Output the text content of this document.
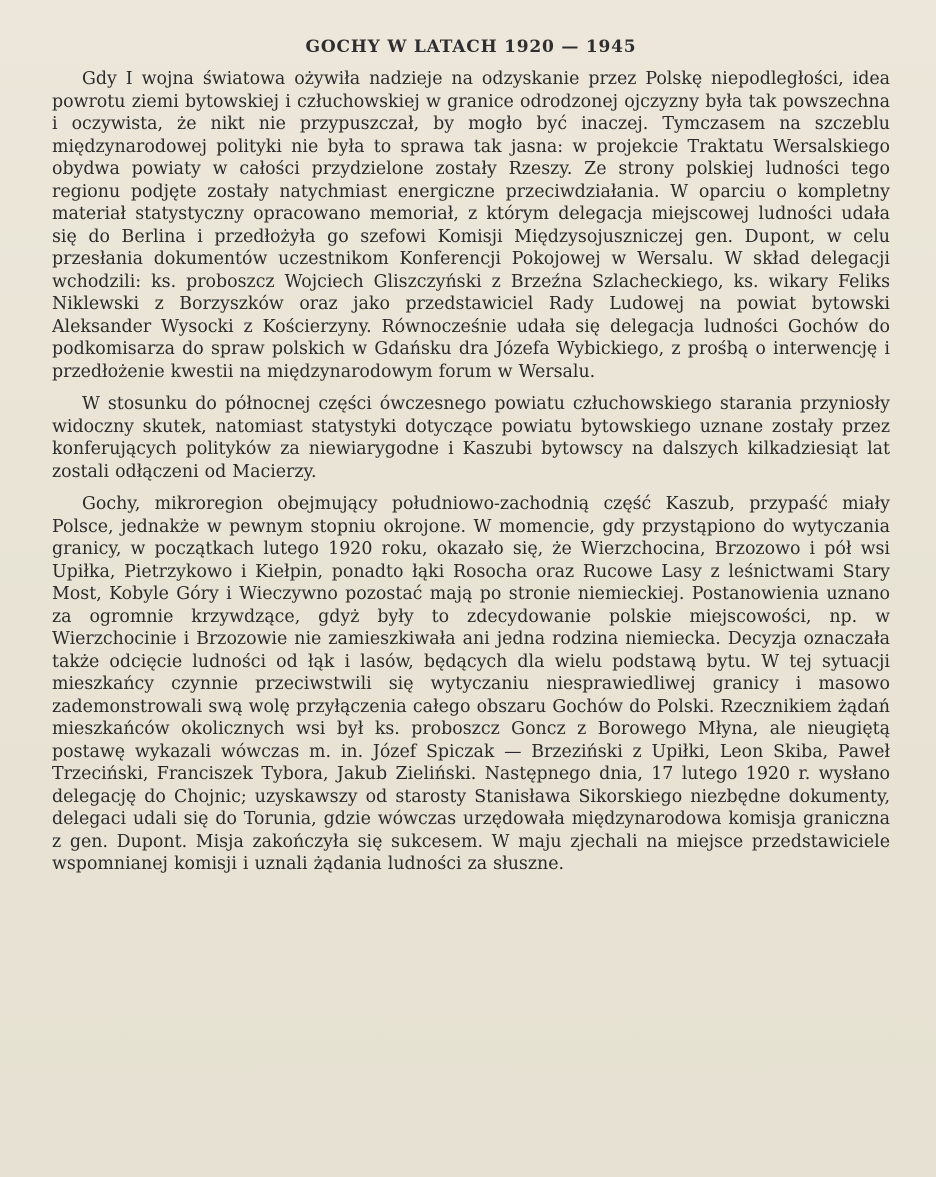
GOCHY W LATACH 1920 — 1945

Gdy I wojna światowa ożywiła nadzieje na odzyskanie przez Polskę niepodległości, idea powrotu ziemi bytowskiej i człuchowskiej w granice odrodzonej ojczyzny była tak powszechna i oczywista, że nikt nie przypuszczał, by mogło być inaczej. Tymczasem na szczeblu międzynarodowej polityki nie była to sprawa tak jasna: w projekcie Traktatu Wersalskiego obydwa powiaty w całości przydzielone zostały Rzeszy. Ze strony polskiej ludności tego regionu podjęte zostały natychmiast energiczne przeciwdziałania. W oparciu o kompletny materiał statystyczny opracowano memoriał, z którym delegacja miejscowej ludności udała się do Berlina i przedłożyła go szefowi Komisji Międzysojuszniczej gen. Dupont, w celu przesłania dokumentów uczestnikom Konferencji Pokojowej w Wersalu. W skład delegacji wchodzili: ks. proboszcz Wojciech Gliszczyński z Brzeźna Szlacheckiego, ks. wikary Feliks Niklewski z Borzyszków oraz jako przedstawiciel Rady Ludowej na powiat bytowski Aleksander Wysocki z Kościerzyny. Równocześnie udała się delegacja ludności Gochów do podkomisarza do spraw polskich w Gdańsku dra Józefa Wybickiego, z prośbą o interwencję i przedłożenie kwestii na międzynarodowym forum w Wersalu.

W stosunku do północnej części ówczesnego powiatu człuchowskiego starania przyniosły widoczny skutek, natomiast statystyki dotyczące powiatu bytowskiego uznane zostały przez konferujących polityków za niewiarygodne i Kaszubi bytowscy na dalszych kilkadziesiąt lat zostali odłączeni od Macierzy.

Gochy, mikroregion obejmujący południowo-zachodnią część Kaszub, przypaść miały Polsce, jednakże w pewnym stopniu okrojone. W momencie, gdy przystąpiono do wytyczania granicy, w początkach lutego 1920 roku, okazało się, że Wierzchocina, Brzozowo i pół wsi Upiłka, Pietrzykowo i Kiełpin, ponadto łąki Rosocha oraz Rucowe Lasy z leśnictwami Stary Most, Kobyle Góry i Wieczywno pozostać mają po stronie niemieckiej. Postanowienia uznano za ogromnie krzywdzące, gdyż były to zdecydowanie polskie miejscowości, np. w Wierzchocinie i Brzozowie nie zamieszkiwała ani jedna rodzina niemiecka. Decyzja oznaczała także odcięcie ludności od łąk i lasów, będących dla wielu podstawą bytu. W tej sytuacji mieszkańcy czynnie przeciwstwili się wytyczaniu niesprawiedliwej granicy i masowo zademonstrowali swą wolę przyłączenia całego obszaru Gochów do Polski. Rzecznikiem żądań mieszkańców okolicznych wsi był ks. proboszcz Goncz z Borowego Młyna, ale nieugiętą postawę wykazali wówczas m. in. Józef Spiczak — Brzeziński z Upiłki, Leon Skiba, Paweł Trzeciński, Franciszek Tybora, Jakub Zieliński. Następnego dnia, 17 lutego 1920 r. wysłano delegację do Chojnic; uzyskawszy od starosty Stanisława Sikorskiego niezbędne dokumenty, delegaci udali się do Torunia, gdzie wówczas urzędowała międzynarodowa komisja graniczna z gen. Dupont. Misja zakończyła się sukcesem. W maju zjechali na miejsce przedstawiciele wspomnianej komisji i uznali żądania ludności za słuszne.
